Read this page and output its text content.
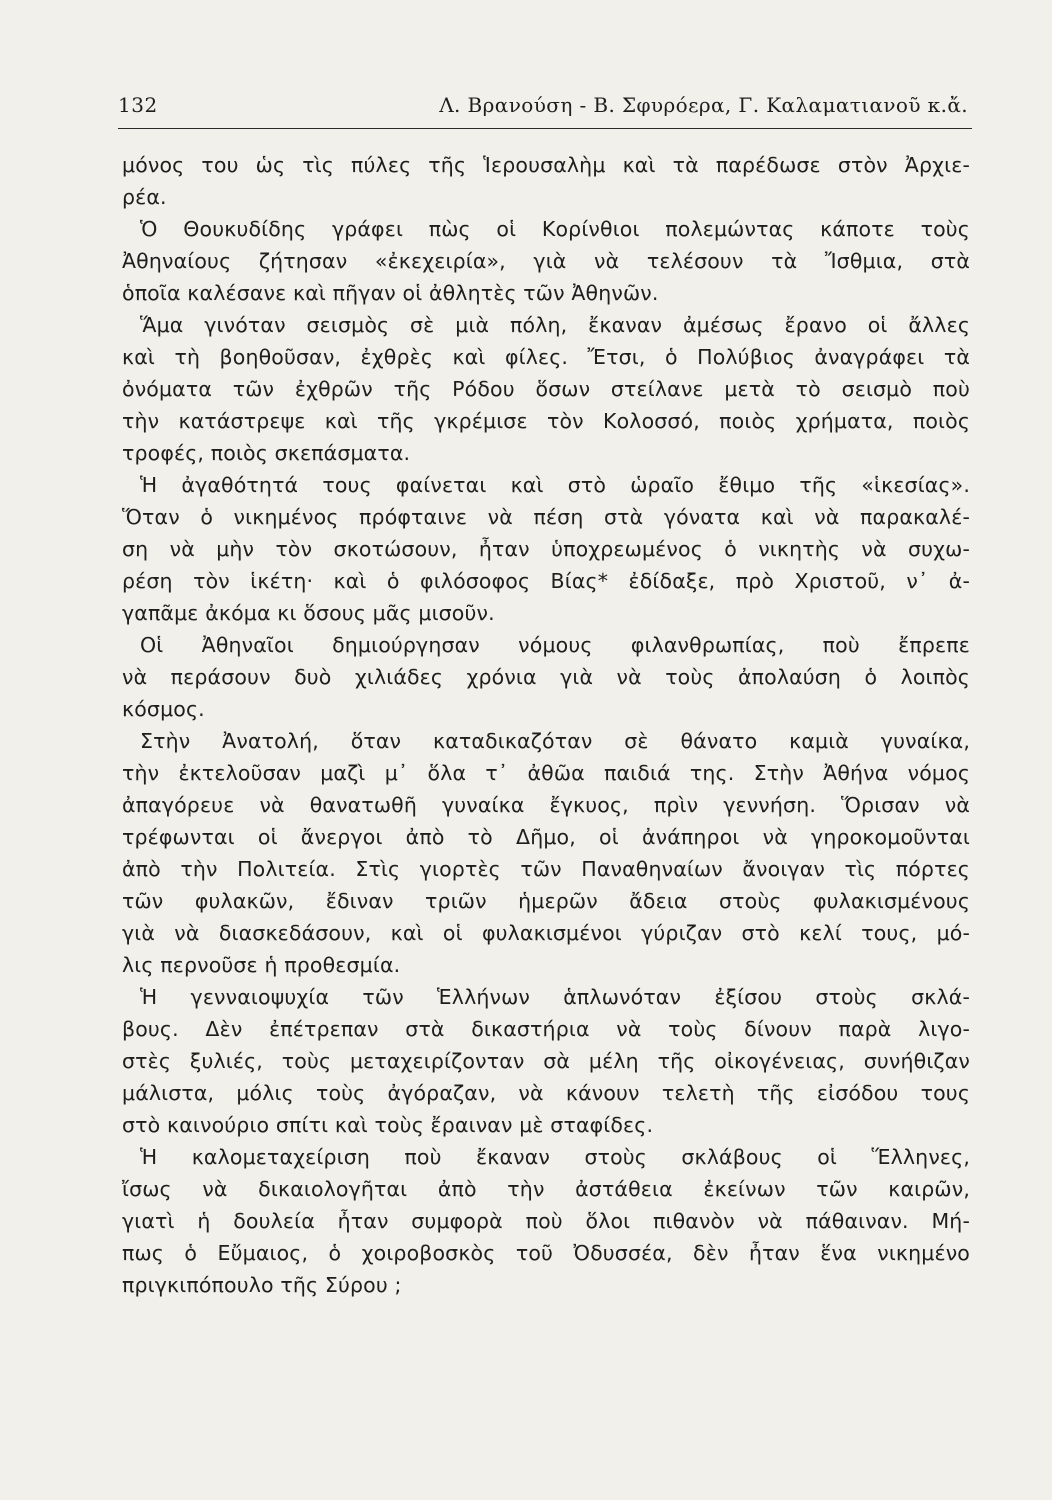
132	Λ. Βρανούση - Β. Σφυρόερα, Γ. Καλαματιανοῦ κ.ἄ.
μόνος του ὡς τὶς πύλες τῆς Ἱερουσαλὴμ καὶ τὰ παρέδωσε στὸν Ἀρχιε-
ρέα.
Ὁ Θουκυδίδης γράφει πὼς οἱ Κορίνθιοι πολεμώντας κάποτε τοὺς
Ἀθηναίους ζήτησαν «ἐκεχειρία», γιὰ νὰ τελέσουν τὰ Ἴσθμια, στὰ
ὁποῖα καλέσανε καὶ πῆγαν οἱ ἀθλητὲς τῶν Ἀθηνῶν.
Ἅμα γινόταν σεισμὸς σὲ μιὰ πόλη, ἔκαναν ἀμέσως ἔρανο οἱ ἄλλες
καὶ τὴ βοηθοῦσαν, ἐχθρὲς καὶ φίλες. Ἔτσι, ὁ Πολύβιος ἀναγράφει τὰ
ὀνόματα τῶν ἐχθρῶν τῆς Ρόδου ὅσων στείλανε μετὰ τὸ σεισμὸ ποὺ
τὴν κατάστρεψε καὶ τῆς γκρέμισε τὸν Κολοσσό, ποιὸς χρήματα, ποιὸς
τροφές, ποιὸς σκεπάσματα.
Ἡ ἀγαθότητά τους φαίνεται καὶ στὸ ὡραῖο ἔθιμο τῆς «ἱκεσίας».
Ὅταν ὁ νικημένος πρόφταινε νὰ πέση στὰ γόνατα καὶ νὰ παρακαλέ-
ση νὰ μὴν τὸν σκοτώσουν, ἦταν ὑποχρεωμένος ὁ νικητὴς νὰ συχω-
ρέση τὸν ἱκέτη· καὶ ὁ φιλόσοφος Βίας* ἐδίδαξε, πρὸ Χριστοῦ, ν᾽ ἀ-
γαπᾶμε ἀκόμα κι ὅσους μᾶς μισοῦν.
Οἱ Ἀθηναῖοι δημιούργησαν νόμους φιλανθρωπίας, ποὺ ἔπρεπε
νὰ περάσουν δυὸ χιλιάδες χρόνια γιὰ νὰ τοὺς ἀπολαύση ὁ λοιπὸς
κόσμος.
Στὴν Ἀνατολή, ὅταν καταδικαζόταν σὲ θάνατο καμιὰ γυναίκα,
τὴν ἐκτελοῦσαν μαζὶ μ᾽ ὅλα τ᾽ ἀθῶα παιδιά της. Στὴν Ἀθήνα νόμος
ἀπαγόρευε νὰ θανατωθῆ γυναίκα ἔγκυος, πρὶν γεννήση. Ὅρισαν νὰ
τρέφωνται οἱ ἄνεργοι ἀπὸ τὸ Δῆμο, οἱ ἀνάπηροι νὰ γηροκομοῦνται
ἀπὸ τὴν Πολιτεία. Στὶς γιορτὲς τῶν Παναθηναίων ἄνοιγαν τὶς πόρτες
τῶν φυλακῶν, ἔδιναν τριῶν ἡμερῶν ἄδεια στοὺς φυλακισμένους
γιὰ νὰ διασκεδάσουν, καὶ οἱ φυλακισμένοι γύριζαν στὸ κελί τους, μό-
λις περνοῦσε ἡ προθεσμία.
Ἡ γενναιοψυχία τῶν Ἑλλήνων ἁπλωνόταν ἐξίσου στοὺς σκλά-
βους. Δὲν ἐπέτρεπαν στὰ δικαστήρια νὰ τοὺς δίνουν παρὰ λιγο-
στὲς ξυλιές, τοὺς μεταχειρίζονταν σὰ μέλη τῆς οἰκογένειας, συνήθιζαν
μάλιστα, μόλις τοὺς ἀγόραζαν, νὰ κάνουν τελετὴ τῆς εἰσόδου τους
στὸ καινούριο σπίτι καὶ τοὺς ἔραιναν μὲ σταφίδες.
Ἡ καλομεταχείριση ποὺ ἔκαναν στοὺς σκλάβους οἱ Ἕλληνες,
ἴσως νὰ δικαιολογῆται ἀπὸ τὴν ἀστάθεια ἐκείνων τῶν καιρῶν,
γιατὶ ἡ δουλεία ἦταν συμφορὰ ποὺ ὅλοι πιθανὸν νὰ πάθαιναν. Μή-
πως ὁ Εὔμαιος, ὁ χοιροβοσκὸς τοῦ Ὀδυσσέα, δὲν ἦταν ἕνα νικημένο
πριγκιπόπουλο τῆς Σύρου ;
